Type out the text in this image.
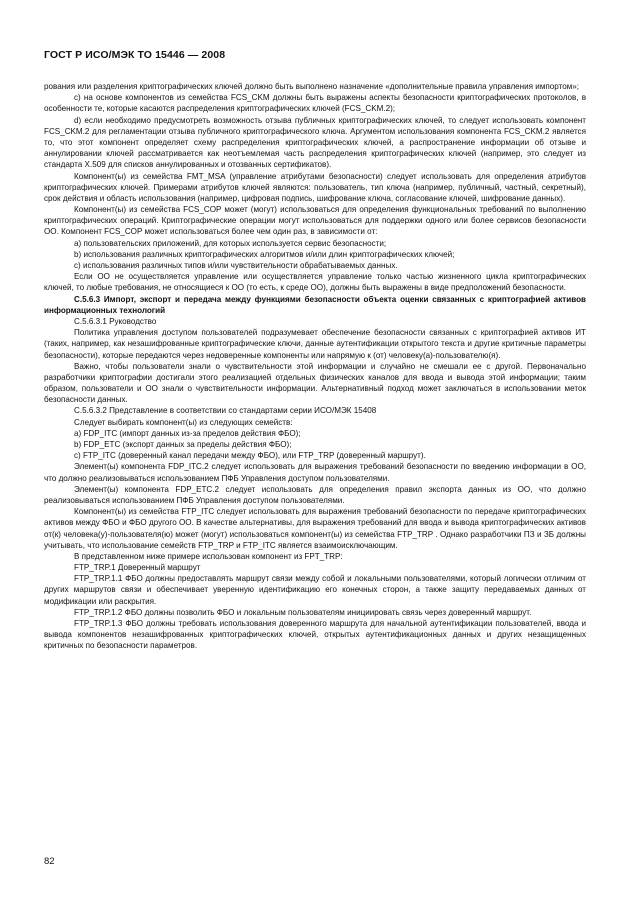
ГОСТ Р ИСО/МЭК ТО 15446 — 2008

рования или разделения криптографических ключей должно быть выполнено назначение «дополнительные правила управления импортом»;

c) на основе компонентов из семейства FCS_CKM должны быть выражены аспекты безопасности криптографических протоколов, в особенности те, которые касаются распределения криптографических ключей (FCS_CKM.2);

d) если необходимо предусмотреть возможность отзыва публичных криптографических ключей, то следует использовать компонент FCS_CKM.2 для регламентации отзыва публичного криптографического ключа. Аргументом использования компонента FCS_CKM.2 является то, что этот компонент определяет схему распределения криптографических ключей, а распространение информации об отзыве и аннулировании ключей рассматривается как неотъемлемая часть распределения криптографических ключей (например, это следует из стандарта X.509 для списков аннулированных и отозванных сертификатов).

Компонент(ы) из семейства FMT_MSA (управление атрибутами безопасности) следует использовать для определения атрибутов криптографических ключей. Примерами атрибутов ключей являются: пользователь, тип ключа (например, публичный, частный, секретный), срок действия и область использования (например, цифровая подпись, шифрование ключа, согласование ключей, шифрование данных).

Компонент(ы) из семейства FCS_COP может (могут) использоваться для определения функциональных требований по выполнению криптографических операций. Криптографические операции могут использоваться для поддержки одного или более сервисов безопасности ОО. Компонент FCS_COP может использоваться более чем один раз, в зависимости от:

a) пользовательских приложений, для которых используется сервис безопасности;

b) использования различных криптографических алгоритмов и/или длин криптографических ключей;

c) использования различных типов и/или чувствительности обрабатываемых данных.

Если ОО не осуществляется управление или осуществляется управление только частью жизненного цикла криптографических ключей, то любые требования, не относящиеся к ОО (то есть, к среде ОО), должны быть выражены в виде предположений безопасности.

С.5.6.3 Импорт, экспорт и передача между функциями безопасности объекта оценки связанных с криптографией активов информационных технологий

С.5.6.3.1 Руководство

Политика управления доступом пользователей подразумевает обеспечение безопасности связанных с криптографией активов ИТ (таких, например, как незашифрованные криптографические ключи, данные аутентификации открытого текста и другие критичные параметры безопасности), которые передаются через недоверенные компоненты или напрямую к (от) человеку(а)-пользователю(я).

Важно, чтобы пользователи знали о чувствительности этой информации и случайно не смешали ее с другой. Первоначально разработчики криптографии достигали этого реализацией отдельных физических каналов для ввода и вывода этой информации; таким образом, пользователи и ОО знали о чувствительности информации. Альтернативный подход может заключаться в использовании меток безопасности данных.

С.5.6.3.2 Представление в соответствии со стандартами серии ИСО/МЭК 15408

Следует выбирать компонент(ы) из следующих семейств:

a) FDP_ITC (импорт данных из-за пределов действия ФБО);

b) FDP_ETC (экспорт данных за пределы действия ФБО);

c) FTP_ITC (доверенный канал передачи между ФБО), или FTP_TRP (доверенный маршрут).

Элемент(ы) компонента FDP_ITC.2 следует использовать для выражения требований безопасности по введению информации в ОО, что должно реализовываться использованием ПФБ Управления доступом пользователями.

Элемент(ы) компонента FDP_ETC.2 следует использовать для определения правил экспорта данных из ОО, что должно реализовываться использованием ПФБ Управления доступом пользователями.

Компонент(ы) из семейства FTP_ITC следует использовать для выражения требований безопасности по передаче криптографических активов между ФБО и ФБО другого ОО. В качестве альтернативы, для выражения требований для ввода и вывода криптографических активов от(к) человека(у)-пользователя(ю) может (могут) использоваться компонент(ы) из семейства FTP_TRP . Однако разработчики ПЗ и ЗБ должны учитывать, что использование семейств FTP_TRP и FTP_ITC является взаимоисключающим.

В представленном ниже примере использован компонент из FPT_TRP:

FTP_TRP.1 Доверенный маршрут

FTP_TRP.1.1 ФБО должны предоставлять маршрут связи между собой и локальными пользователями, который логически отличим от других маршрутов связи и обеспечивает уверенную идентификацию его конечных сторон, а также защиту передаваемых данных от модификации или раскрытия.

FTP_TRP.1.2 ФБО должны позволить ФБО и локальным пользователям инициировать связь через доверенный маршрут.

FTP_TRP.1.3 ФБО должны требовать использования доверенного маршрута для начальной аутентификации пользователей, ввода и вывода компонентов незашифрованных криптографических ключей, открытых аутентификационных данных и других незащищенных критичных по безопасности параметров.

82
